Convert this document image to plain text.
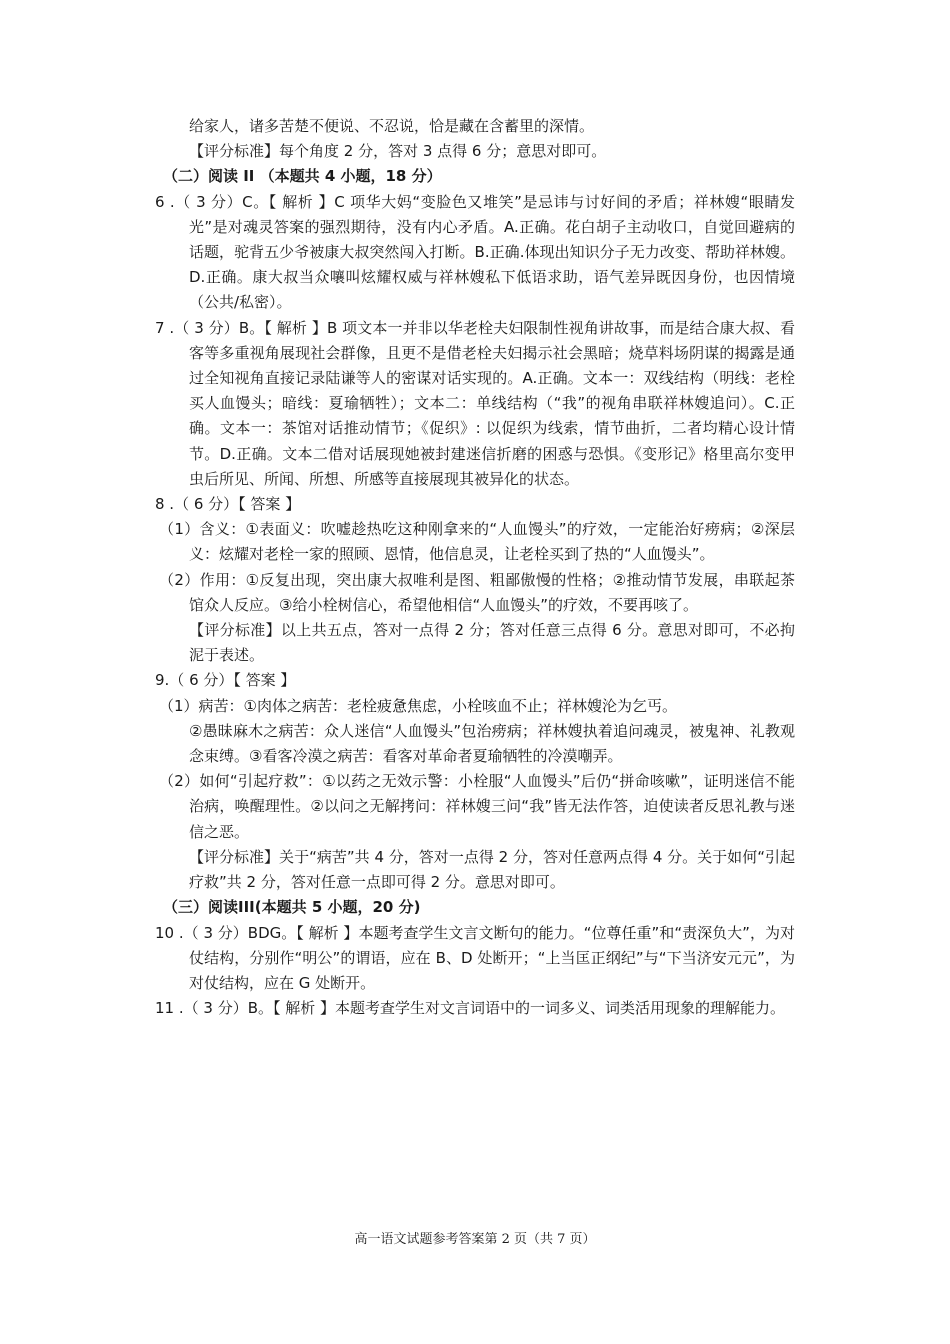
给家人，诸多苦楚不便说、不忍说，恰是藏在含蓄里的深情。

【评分标准】每个角度 2 分，答对 3 点得 6 分；意思对即可。

（二）阅读 II （本题共 4 小题，18 分）

6 .（ 3 分）C。【 解析 】C 项华大妈“变脸色又堆笑”是忌讳与讨好间的矛盾；祥林嫂“眼睛发光”是对魂灵答案的强烈期待，没有内心矛盾。A.正确。花白胡子主动收口，自觉回避病的话题，驼背五少爷被康大叔突然闯入打断。B.正确.体现出知识分子无力改变、帮助祥林嫂。D.正确。康大叔当众嚷叫炫耀权威与祥林嫂私下低语求助，语气差异既因身份，也因情境（公共/私密）。

7 .（ 3 分）B。【 解析 】B 项文本一并非以华老栓夫妇限制性视角讲故事，而是结合康大叔、看客等多重视角展现社会群像，且更不是借老栓夫妇揭示社会黑暗；烧草料场阴谋的揭露是通过全知视角直接记录陆谦等人的密谋对话实现的。A.正确。文本一：双线结构（明线：老栓买人血馒头；暗线：夏瑜牺牲）；文本二：单线结构（“我”的视角串联祥林嫂追问）。C.正确。文本一：茶馆对话推动情节；《促织》: 以促织为线索，情节曲折，二者均精心设计情节。D.正确。文本二借对话展现她被封建迷信折磨的困惑与恐惧。《变形记》格里高尔变甲虫后所见、所闻、所想、所感等直接展现其被异化的状态。

8 .（ 6 分）【 答案 】

（1）含义：①表面义：吹嘘趁热吃这种刚拿来的“人血馒头”的疗效，一定能治好痨病；②深层义：炫耀对老栓一家的照顾、恩情，他信息灵，让老栓买到了热的“人血馒头”。

（2）作用：①反复出现，突出康大叔唯利是图、粗鄙傲慢的性格；②推动情节发展，串联起茶馆众人反应。③给小栓树信心，希望他相信“人血馒头”的疗效，不要再咳了。

【评分标准】以上共五点，答对一点得 2 分；答对任意三点得 6 分。意思对即可，不必拘泥于表述。

9.（ 6 分）【 答案 】

（1）病苦：①肉体之病苦：老栓疲惫焦虑，小栓咳血不止；祥林嫂沦为乞丐。

②愚昧麻木之病苦：众人迷信“人血馒头”包治痨病；祥林嫂执着追问魂灵，被鬼神、礼教观念束缚。③看客冷漠之病苦：看客对革命者夏瑜牺牲的冷漠嘲弄。

（2）如何“引起疗救”：①以药之无效示警：小栓服“人血馒头”后仍“拼命咳嗽”，证明迷信不能治病，唤醒理性。②以问之无解拷问：祥林嫂三问“我”皆无法作答，迫使读者反思礼教与迷信之恶。

【评分标准】关于“病苦”共 4 分，答对一点得 2 分，答对任意两点得 4 分。关于如何“引起疗救”共 2 分，答对任意一点即可得 2 分。意思对即可。

（三）阅读III(本题共 5 小题，20 分)

10 .（ 3 分）BDG。【 解析 】本题考查学生文言文断句的能力。“位尊任重”和“责深负大”，为对仗结构，分别作“明公”的谓语，应在 B、D 处断开；“上当匡正纲纪”与“下当济安元元”，为对仗结构，应在 G 处断开。

11 .（ 3 分）B。【 解析 】本题考查学生对文言词语中的一词多义、词类活用现象的理解能力。

高一语文试题参考答案第 2 页（共 7 页）
